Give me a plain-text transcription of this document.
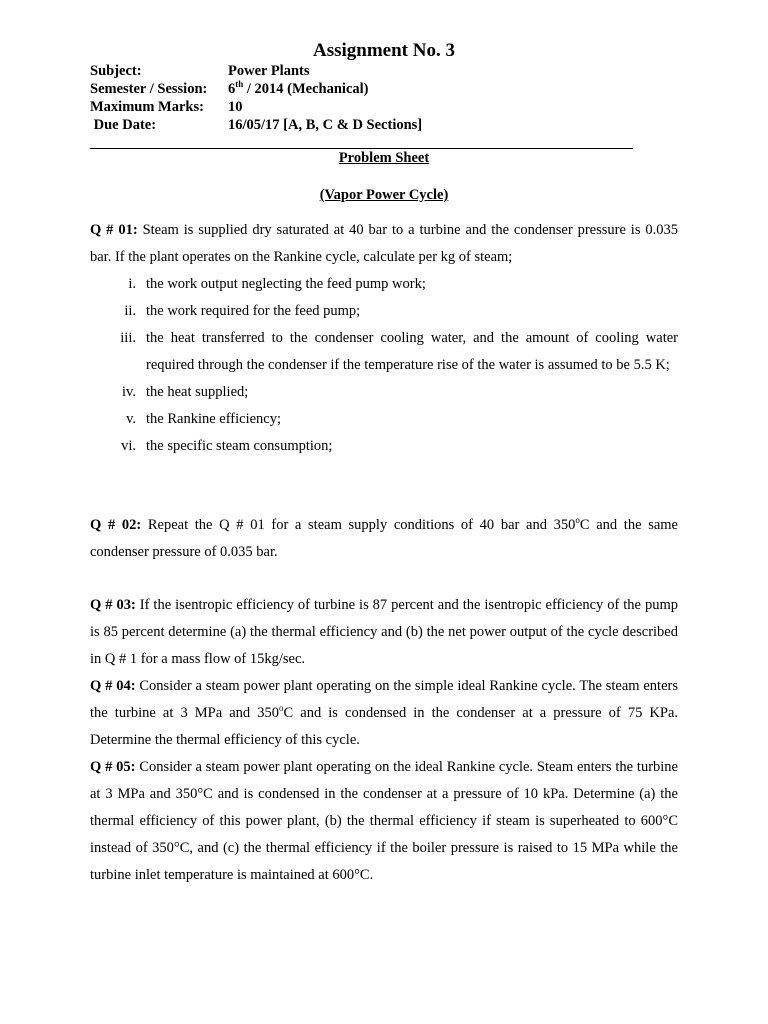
Assignment No. 3
Subject:	Power Plants
Semester / Session:	6th / 2014 (Mechanical)
Maximum Marks:	10
Due Date:	16/05/17 [A, B, C & D Sections]
Problem Sheet
(Vapor Power Cycle)

Q # 01: Steam is supplied dry saturated at 40 bar to a turbine and the condenser pressure is 0.035 bar. If the plant operates on the Rankine cycle, calculate per kg of steam;

i. the work output neglecting the feed pump work;
ii. the work required for the feed pump;
iii. the heat transferred to the condenser cooling water, and the amount of cooling water required through the condenser if the temperature rise of the water is assumed to be 5.5 K;
iv. the heat supplied;
v. the Rankine efficiency;
vi. the specific steam consumption;

Q # 02: Repeat the Q # 01 for a steam supply conditions of 40 bar and 350$^o$C and the same condenser pressure of 0.035 bar.

Q # 03: If the isentropic efficiency of turbine is 87 percent and the isentropic efficiency of the pump is 85 percent determine (a) the thermal efficiency and (b) the net power output of the cycle described in Q # 1 for a mass flow of 15kg/sec.

Q # 04: Consider a steam power plant operating on the simple ideal Rankine cycle. The steam enters the turbine at 3 MPa and 350$^o$C and is condensed in the condenser at a pressure of 75 KPa. Determine the thermal efficiency of this cycle.

Q # 05: Consider a steam power plant operating on the ideal Rankine cycle. Steam enters the turbine at 3 MPa and 350°C and is condensed in the condenser at a pressure of 10 kPa. Determine (a) the thermal efficiency of this power plant, (b) the thermal efficiency if steam is superheated to 600°C instead of 350°C, and (c) the thermal efficiency if the boiler pressure is raised to 15 MPa while the turbine inlet temperature is maintained at 600°C.
